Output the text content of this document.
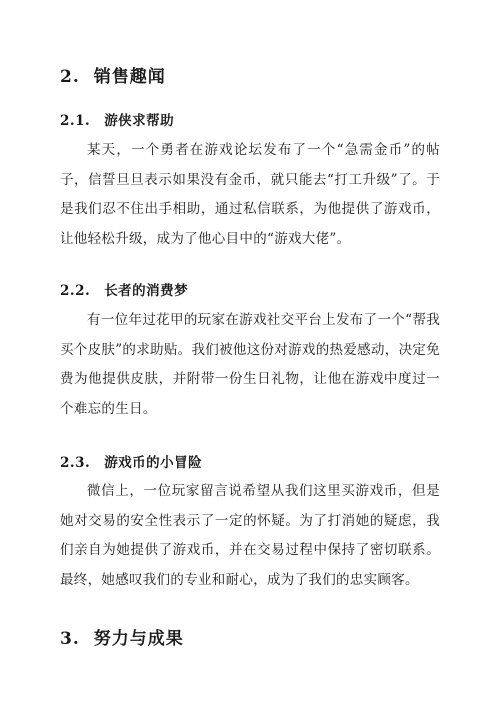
2. 销售趣闻
2.1. 游侠求帮助

某天，一个勇者在游戏论坛发布了一个“急需金币”的帖子，信誓旦旦表示如果没有金币，就只能去“打工升级”了。于是我们忍不住出手相助，通过私信联系，为他提供了游戏币，让他轻松升级，成为了他心目中的“游戏大佬”。

2.2. 长者的消费梦

有一位年过花甲的玩家在游戏社交平台上发布了一个“帮我买个皮肤”的求助贴。我们被他这份对游戏的热爱感动，决定免费为他提供皮肤，并附带一份生日礼物，让他在游戏中度过一个难忘的生日。

2.3. 游戏币的小冒险

微信上，一位玩家留言说希望从我们这里买游戏币，但是她对交易的安全性表示了一定的怀疑。为了打消她的疑虑，我们亲自为她提供了游戏币，并在交易过程中保持了密切联系。最终，她感叹我们的专业和耐心，成为了我们的忠实顾客。

3. 努力与成果
